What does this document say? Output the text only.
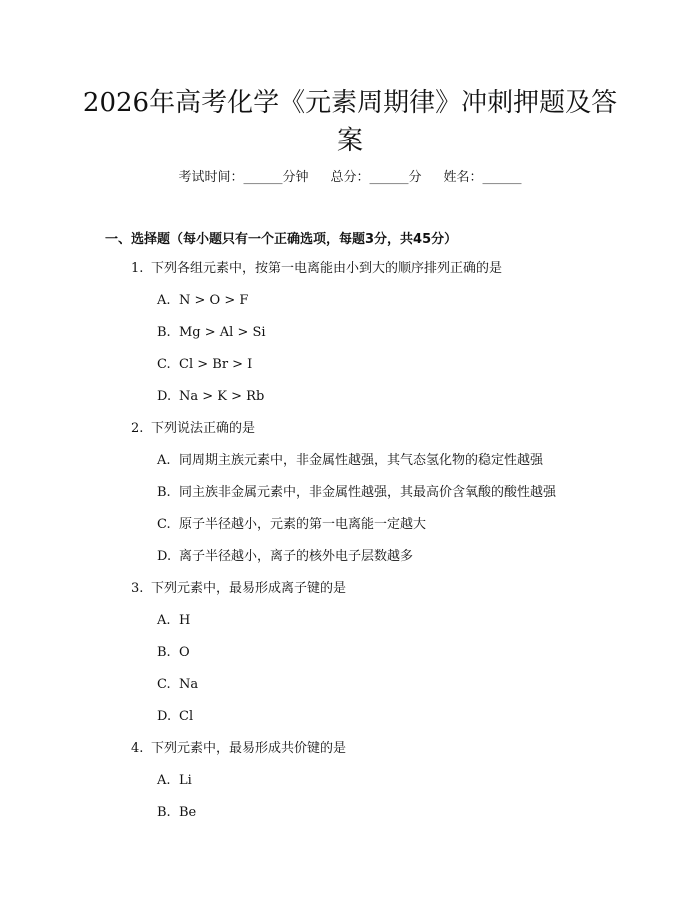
2026年高考化学《元素周期律》冲刺押题及答案
考试时间：______分钟 总分：______分 姓名：______
一、选择题（每小题只有一个正确选项，每题3分，共45分）
1. 下列各组元素中，按第一电离能由小到大的顺序排列正确的是
A. N > O > F
B. Mg > Al > Si
C. Cl > Br > I
D. Na > K > Rb
2. 下列说法正确的是
A. 同周期主族元素中，非金属性越强，其气态氢化物的稳定性越强
B. 同主族非金属元素中，非金属性越强，其最高价含氧酸的酸性越强
C. 原子半径越小，元素的第一电离能一定越大
D. 离子半径越小，离子的核外电子层数越多
3. 下列元素中，最易形成离子键的是
A. H
B. O
C. Na
D. Cl
4. 下列元素中，最易形成共价键的是
A. Li
B. Be
